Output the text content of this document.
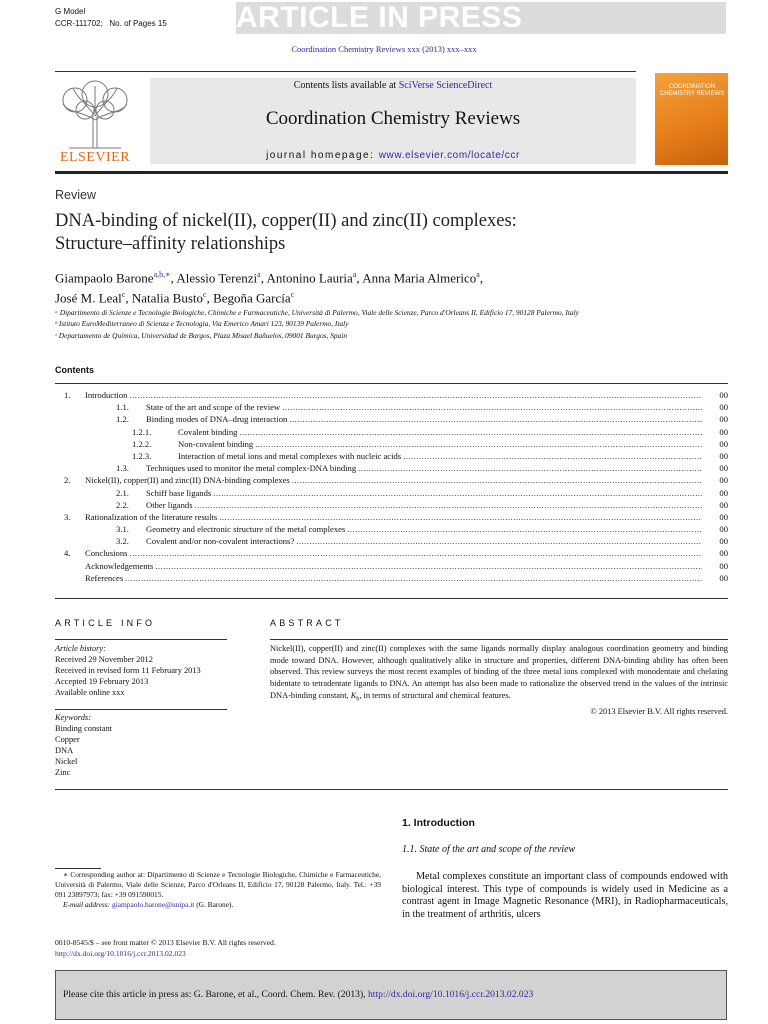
G Model
CCR-111702; No. of Pages 15 ARTICLE IN PRESS
Coordination Chemistry Reviews xxx (2013) xxx–xxx
ELSEVIER
Contents lists available at SciVerse ScienceDirect
Coordination Chemistry Reviews
journal homepage: www.elsevier.com/locate/ccr
COORDINATION CHEMISTRY REVIEWS
Review
DNA-binding of nickel(II), copper(II) and zinc(II) complexes:
Structure–affinity relationships
Giampaolo Barone$^{a,b,∗}$, Alessio Terenzi$^a$, Antonino Lauria$^a$, Anna Maria Almerico$^a$,
José M. Leal$^c$, Natalia Busto$^c$, Begoña García$^c$
ᵃ Dipartimento di Scienze e Tecnologie Biologiche, Chimiche e Farmaceutiche, Università di Palermo, Viale delle Scienze, Parco d'Orleans II, Edificio 17, 90128 Palermo, Italy
ᵇ Istituto EuroMediterraneo di Scienza e Tecnologia, Via Emerico Amari 123, 90139 Palermo, Italy
ᶜ Departamento de Química, Universidad de Burgos, Plaza Misael Bañuelos, 09001 Burgos, Spain
Contents
1.	Introduction .....	00
1.1.	State of the art and scope of the review .....	00
1.2.	Binding modes of DNA–drug interaction .....	00
1.2.1.	Covalent binding .....	00
1.2.2.	Non-covalent binding .....	00
1.2.3.	Interaction of metal ions and metal complexes with nucleic acids .....	00
1.3.	Techniques used to monitor the metal complex-DNA binding .....	00
2.	Nickel(II), copper(II) and zinc(II) DNA-binding complexes .....	00
2.1.	Schiff base ligands .....	00
2.2.	Other ligands .....	00
3.	Rationalization of the literature results .....	00
3.1.	Geometry and electronic structure of the metal complexes .....	00
3.2.	Covalent and/or non-covalent interactions? .....	00
4.	Conclusions .....	00
Acknowledgements .....	00
References .....	00
ARTICLE INFO
Article history:
Received 29 November 2012
Received in revised form 11 February 2013
Accepted 19 February 2013
Available online xxx
Keywords:
Binding constant
Copper
DNA
Nickel
Zinc
ABSTRACT
Nickel(II), copper(II) and zinc(II) complexes with the same ligands normally display analogous coordination geometry and binding mode toward DNA. However, although qualitatively alike in structure and properties, different DNA-binding ability has often been observed. This review surveys the most recent examples of binding of the three metal ions complexed with monodentate and chelating bidentate to tetradentate ligands to DNA. An attempt has also been made to rationalize the observed trend in the values of the intrinsic DNA-binding constant, $K_b$, in terms of structural and chemical features.
© 2013 Elsevier B.V. All rights reserved.
1. Introduction
1.1. State of the art and scope of the review
Metal complexes constitute an important class of compounds endowed with biological interest. This type of compounds is widely used in Medicine as a contrast agent in Image Magnetic Resonance (MRI), in Radiopharmaceuticals, in the treatment of arthritis, ulcers
∗ Corresponding author at: Dipartimento di Scienze e Tecnologie Biologiche, Chimiche e Farmaceutiche, Università di Palermo, Viale delle Scienze, Parco d'Orleans II, Edificio 17, 90128 Palermo, Italy. Tel.: +39 091 23897973; fax: +39 091590015.
E-mail address: giampaolo.barone@unipa.it (G. Barone).
0010-8545/$ – see front matter © 2013 Elsevier B.V. All rights reserved.
http://dx.doi.org/10.1016/j.ccr.2013.02.023
Please cite this article in press as: G. Barone, et al., Coord. Chem. Rev. (2013), http://dx.doi.org/10.1016/j.ccr.2013.02.023
